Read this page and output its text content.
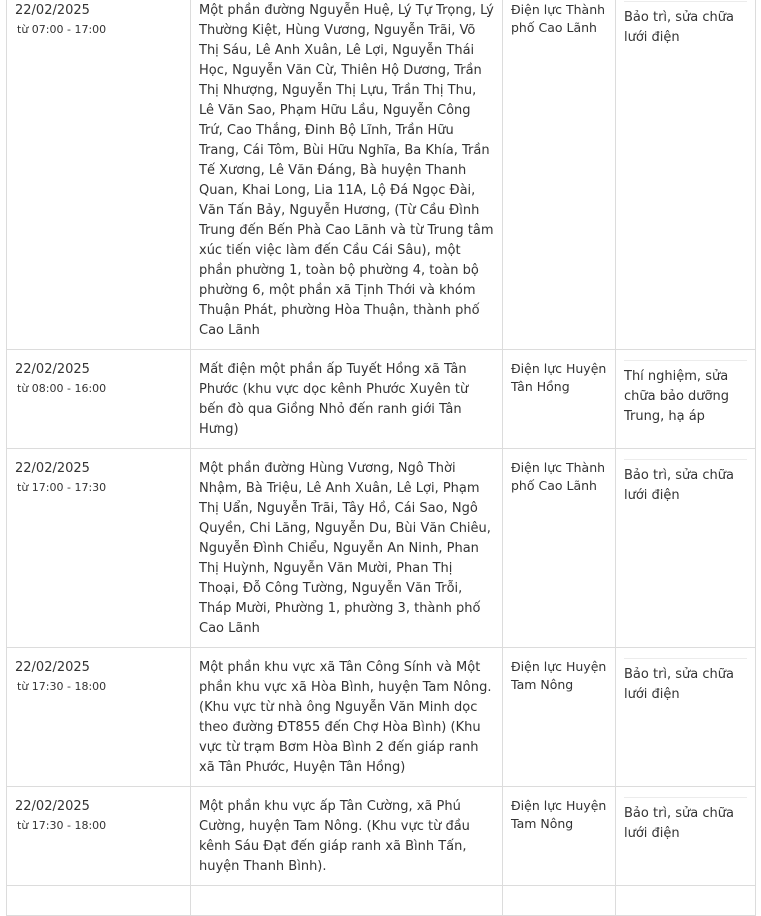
22/02/2025
từ 07:00 - 17:00	Một phần đường Nguyễn Huệ, Lý Tự Trọng, Lý Thường Kiệt, Hùng Vương, Nguyễn Trãi, Võ Thị Sáu, Lê Anh Xuân, Lê Lợi, Nguyễn Thái Học, Nguyễn Văn Cừ, Thiên Hộ Dương, Trần Thị Nhượng, Nguyễn Thị Lựu, Trần Thị Thu, Lê Văn Sao, Phạm Hữu Lầu, Nguyễn Công Trứ, Cao Thắng, Đinh Bộ Lĩnh, Trần Hữu Trang, Cái Tôm, Bùi Hữu Nghĩa, Ba Khía, Trần Tế Xương, Lê Văn Đáng, Bà huyện Thanh Quan, Khai Long, Lia 11A, Lộ Đá Ngọc Đài, Văn Tấn Bảy, Nguyễn Hương, (Từ Cầu Đình Trung đến Bến Phà Cao Lãnh và từ Trung tâm xúc tiến việc làm đến Cầu Cái Sâu), một phần phường 1, toàn bộ phường 4, toàn bộ phường 6, một phần xã Tịnh Thới và khóm Thuận Phát, phường Hòa Thuận, thành phố Cao Lãnh	Điện lực Thành phố Cao Lãnh	Bảo trì, sửa chữa lưới điện

22/02/2025
từ 08:00 - 16:00	Mất điện một phần ấp Tuyết Hồng xã Tân Phước (khu vực dọc kênh Phước Xuyên từ bến đò qua Giồng Nhỏ đến ranh giới Tân Hưng)	Điện lực Huyện Tân Hồng	Thí nghiệm, sửa chữa bảo dưỡng Trung, hạ áp

22/02/2025
từ 17:00 - 17:30	Một phần đường Hùng Vương, Ngô Thời Nhậm, Bà Triệu, Lê Anh Xuân, Lê Lợi, Phạm Thị Uẩn, Nguyễn Trãi, Tây Hồ, Cái Sao, Ngô Quyền, Chi Lăng, Nguyễn Du, Bùi Văn Chiêu, Nguyễn Đình Chiểu, Nguyễn An Ninh, Phan Thị Huỳnh, Nguyễn Văn Mười, Phan Thị Thoại, Đỗ Công Tường, Nguyễn Văn Trỗi, Tháp Mười, Phường 1, phường 3, thành phố Cao Lãnh	Điện lực Thành phố Cao Lãnh	Bảo trì, sửa chữa lưới điện

22/02/2025
từ 17:30 - 18:00	Một phần khu vực xã Tân Công Sính và Một phần khu vực xã Hòa Bình, huyện Tam Nông. (Khu vực từ nhà ông Nguyễn Văn Minh dọc theo đường ĐT855 đến Chợ Hòa Bình) (Khu vực từ trạm Bơm Hòa Bình 2 đến giáp ranh xã Tân Phước, Huyện Tân Hồng)	Điện lực Huyện Tam Nông	Bảo trì, sửa chữa lưới điện

22/02/2025
từ 17:30 - 18:00	Một phần khu vực ấp Tân Cường, xã Phú Cường, huyện Tam Nông. (Khu vực từ đầu kênh Sáu Đạt đến giáp ranh xã Bình Tấn, huyện Thanh Bình).	Điện lực Huyện Tam Nông	Bảo trì, sửa chữa lưới điện
